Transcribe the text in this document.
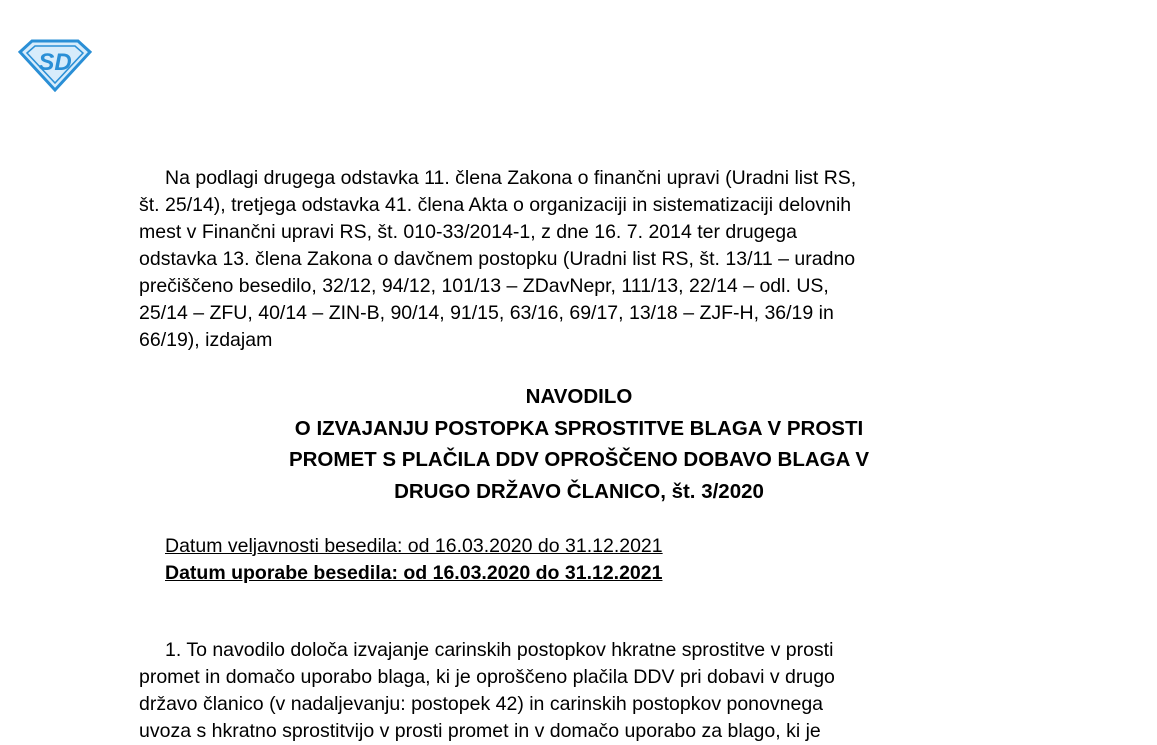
SD
Na podlagi drugega odstavka 11. člena Zakona o finančni upravi (Uradni list RS,
št. 25/14), tretjega odstavka 41. člena Akta o organizaciji in sistematizaciji delovnih
mest v Finančni upravi RS, št. 010-33/2014-1, z dne 16. 7. 2014 ter drugega
odstavka 13. člena Zakona o davčnem postopku (Uradni list RS, št. 13/11 – uradno
prečiščeno besedilo, 32/12, 94/12, 101/13 – ZDavNepr, 111/13, 22/14 – odl. US,
25/14 – ZFU, 40/14 – ZIN-B, 90/14, 91/15, 63/16, 69/17, 13/18 – ZJF-H, 36/19 in
66/19), izdajam
NAVODILO
O IZVAJANJU POSTOPKA SPROSTITVE BLAGA V PROSTI
PROMET S PLAČILA DDV OPROŠČENO DOBAVO BLAGA V
DRUGO DRŽAVO ČLANICO, št. 3/2020
Datum veljavnosti besedila: od 16.03.2020 do 31.12.2021
Datum uporabe besedila: od 16.03.2020 do 31.12.2021
1. To navodilo določa izvajanje carinskih postopkov hkratne sprostitve v prosti
promet in domačo uporabo blaga, ki je oproščeno plačila DDV pri dobavi v drugo
državo članico (v nadaljevanju: postopek 42) in carinskih postopkov ponovnega
uvoza s hkratno sprostitvijo v prosti promet in v domačo uporabo za blago, ki je
